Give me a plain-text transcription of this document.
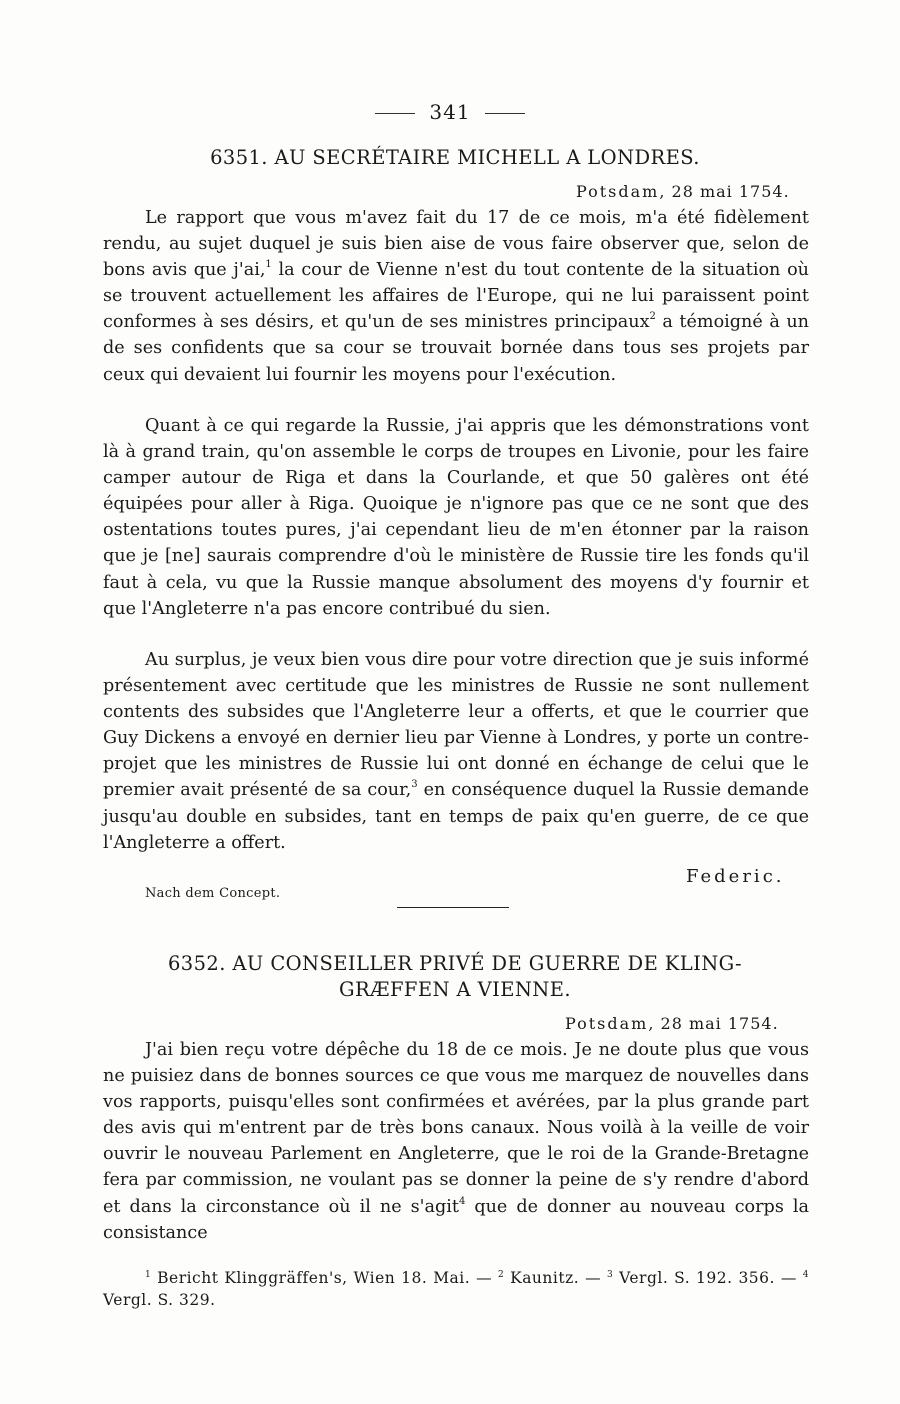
341
6351. AU SECRÉTAIRE MICHELL A LONDRES.
Potsdam, 28 mai 1754.

Le rapport que vous m'avez fait du 17 de ce mois, m'a été fidèlement rendu, au sujet duquel je suis bien aise de vous faire observer que, selon de bons avis que j'ai,$^1$ la cour de Vienne n'est du tout contente de la situation où se trouvent actuellement les affaires de l'Europe, qui ne lui paraissent point conformes à ses désirs, et qu'un de ses ministres principaux$^2$ a témoigné à un de ses confidents que sa cour se trouvait bornée dans tous ses projets par ceux qui devaient lui fournir les moyens pour l'exécution.

Quant à ce qui regarde la Russie, j'ai appris que les démonstrations vont là à grand train, qu'on assemble le corps de troupes en Livonie, pour les faire camper autour de Riga et dans la Courlande, et que 50 galères ont été équipées pour aller à Riga. Quoique je n'ignore pas que ce ne sont que des ostentations toutes pures, j'ai cependant lieu de m'en étonner par la raison que je [ne] saurais comprendre d'où le ministère de Russie tire les fonds qu'il faut à cela, vu que la Russie manque absolument des moyens d'y fournir et que l'Angleterre n'a pas encore contribué du sien.

Au surplus, je veux bien vous dire pour votre direction que je suis informé présentement avec certitude que les ministres de Russie ne sont nullement contents des subsides que l'Angleterre leur a offerts, et que le courrier que Guy Dickens a envoyé en dernier lieu par Vienne à Londres, y porte un contre-projet que les ministres de Russie lui ont donné en échange de celui que le premier avait présenté de sa cour,$^3$ en conséquence duquel la Russie demande jusqu'au double en subsides, tant en temps de paix qu'en guerre, de ce que l'Angleterre a offert.

Federic.
Nach dem Concept.
6352. AU CONSEILLER PRIVÉ DE GUERRE DE KLING-
GRÆFFEN A VIENNE.
Potsdam, 28 mai 1754.

J'ai bien reçu votre dépêche du 18 de ce mois. Je ne doute plus que vous ne puisiez dans de bonnes sources ce que vous me marquez de nouvelles dans vos rapports, puisqu'elles sont confirmées et avérées, par la plus grande part des avis qui m'entrent par de très bons canaux. Nous voilà à la veille de voir ouvrir le nouveau Parlement en Angleterre, que le roi de la Grande-Bretagne fera par commission, ne voulant pas se donner la peine de s'y rendre d'abord et dans la circonstance où il ne s'agit$^4$ que de donner au nouveau corps la consistance

$^1$ Bericht Klinggräffen's, Wien 18. Mai. — $^2$ Kaunitz. — $^3$ Vergl. S. 192. 356. — $^4$ Vergl. S. 329.
